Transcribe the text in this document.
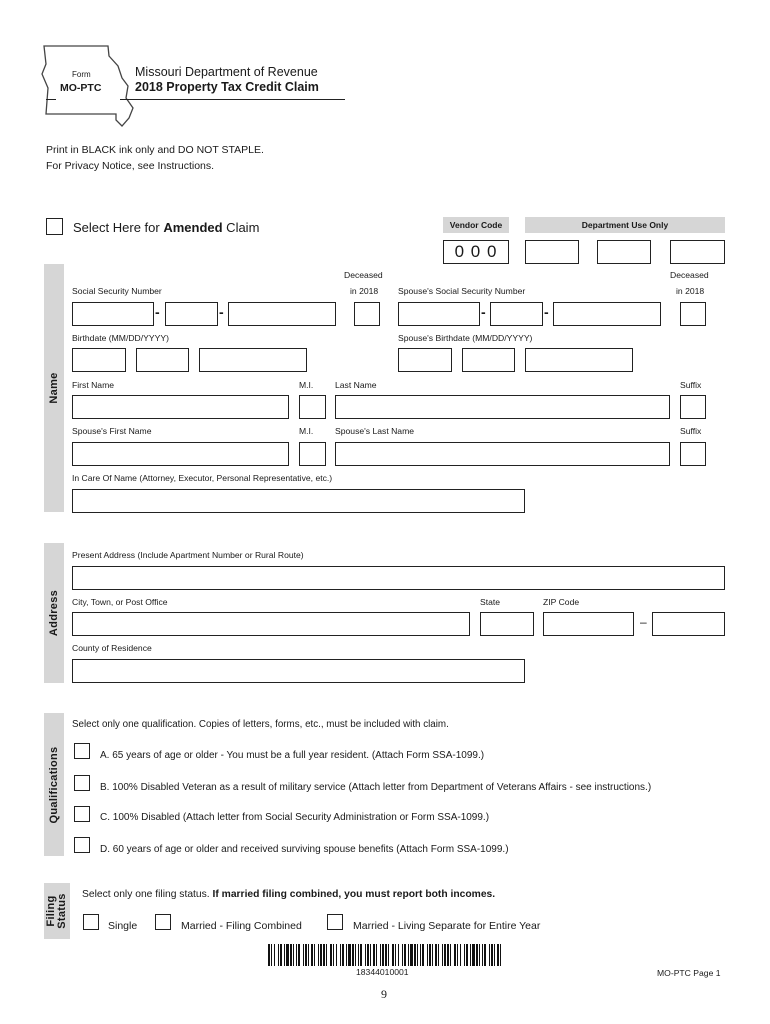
Form
MO-PTC
Missouri Department of Revenue
2018 Property Tax Credit Claim
Print in BLACK ink only and DO NOT STAPLE.
For Privacy Notice, see Instructions.
Select Here for Amended Claim	Vendor Code
0 0 0
Department Use Only
Name
Deceased
in 2018
Deceased
in 2018
Social Security Number	Spouse's Social Security Number
-	-	-	-
Birthdate (MM/DD/YYYY)	Spouse's Birthdate (MM/DD/YYYY)
First Name	M.I.	Last Name	Suffix
Spouse's First Name	M.I.	Spouse's Last Name	Suffix
In Care Of Name (Attorney, Executor, Personal Representative, etc.)
Address
Present Address (Include Apartment Number or Rural Route)
City, Town, or Post Office	State	ZIP Code
–
County of Residence
Qualifications
Select only one qualification. Copies of letters, forms, etc., must be included with claim.
A. 65 years of age or older - You must be a full year resident. (Attach Form SSA-1099.)
B. 100% Disabled Veteran as a result of military service (Attach letter from Department of Veterans Affairs - see instructions.)
C. 100% Disabled (Attach letter from Social Security Administration or Form SSA-1099.)
D. 60 years of age or older and received surviving spouse benefits (Attach Form SSA-1099.)
Filing Status Select only one filing status. If married filing combined, you must report both incomes.
Single	Married - Filing Combined	Married - Living Separate for Entire Year
18344010001	MO-PTC Page 1
9
